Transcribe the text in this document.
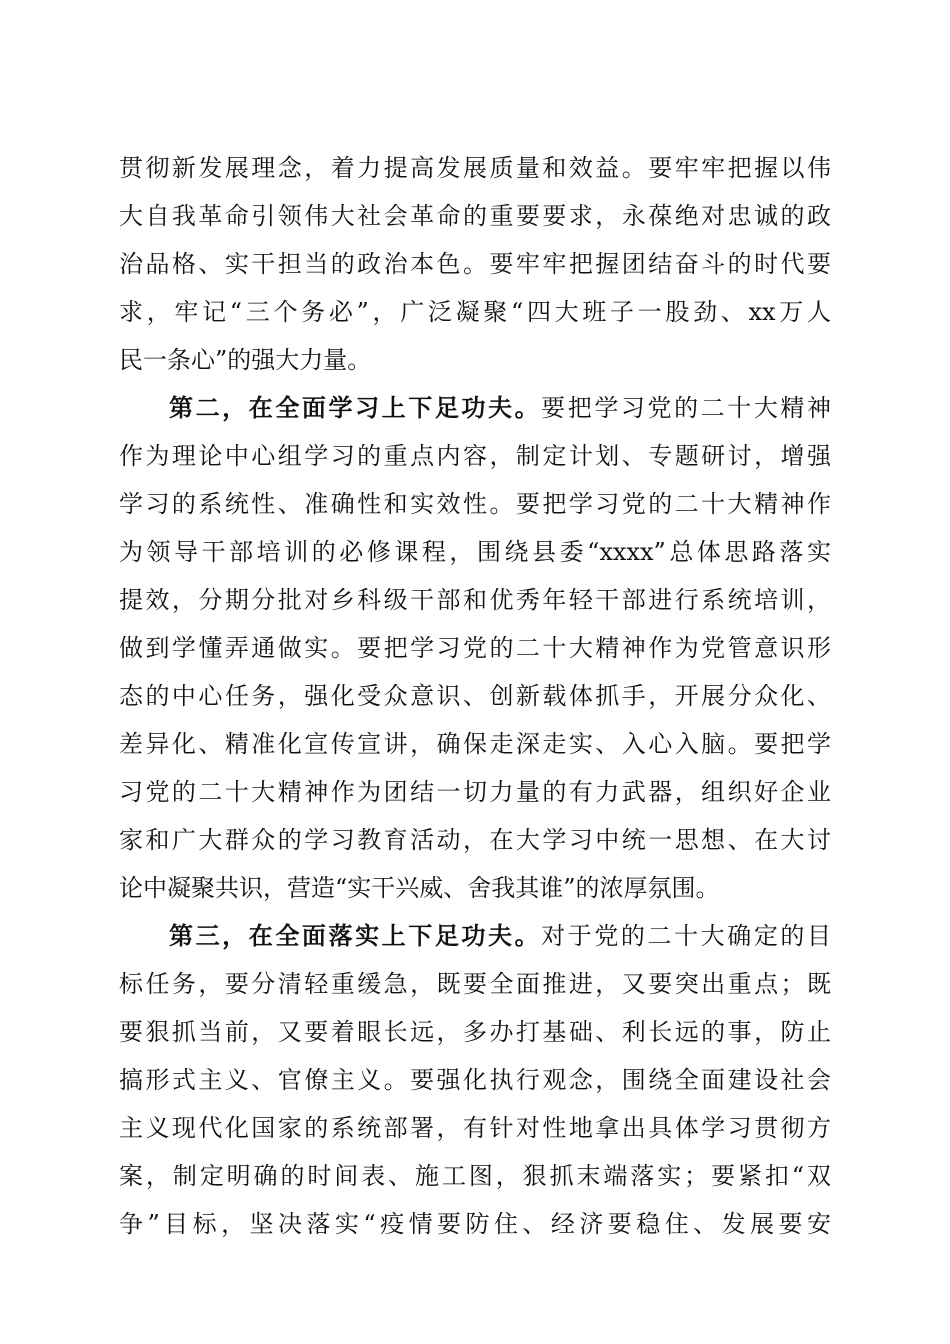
贯彻新发展理念，着力提高发展质量和效益。要牢牢把握以伟
大自我革命引领伟大社会革命的重要要求，永葆绝对忠诚的政
治品格、实干担当的政治本色。要牢牢把握团结奋斗的时代要
求，牢记“三个务必”，广泛凝聚“四大班子一股劲、xx万人
民一条心”的强大力量。
第二，在全面学习上下足功夫。要把学习党的二十大精神
作为理论中心组学习的重点内容，制定计划、专题研讨，增强
学习的系统性、准确性和实效性。要把学习党的二十大精神作
为领导干部培训的必修课程，围绕县委“xxxx”总体思路落实
提效，分期分批对乡科级干部和优秀年轻干部进行系统培训，
做到学懂弄通做实。要把学习党的二十大精神作为党管意识形
态的中心任务，强化受众意识、创新载体抓手，开展分众化、
差异化、精准化宣传宣讲，确保走深走实、入心入脑。要把学
习党的二十大精神作为团结一切力量的有力武器，组织好企业
家和广大群众的学习教育活动，在大学习中统一思想、在大讨
论中凝聚共识，营造“实干兴威、舍我其谁”的浓厚氛围。
第三，在全面落实上下足功夫。对于党的二十大确定的目
标任务，要分清轻重缓急，既要全面推进，又要突出重点；既
要狠抓当前，又要着眼长远，多办打基础、利长远的事，防止
搞形式主义、官僚主义。要强化执行观念，围绕全面建设社会
主义现代化国家的系统部署，有针对性地拿出具体学习贯彻方
案，制定明确的时间表、施工图，狠抓末端落实；要紧扣“双
争”目标，坚决落实“疫情要防住、经济要稳住、发展要安
